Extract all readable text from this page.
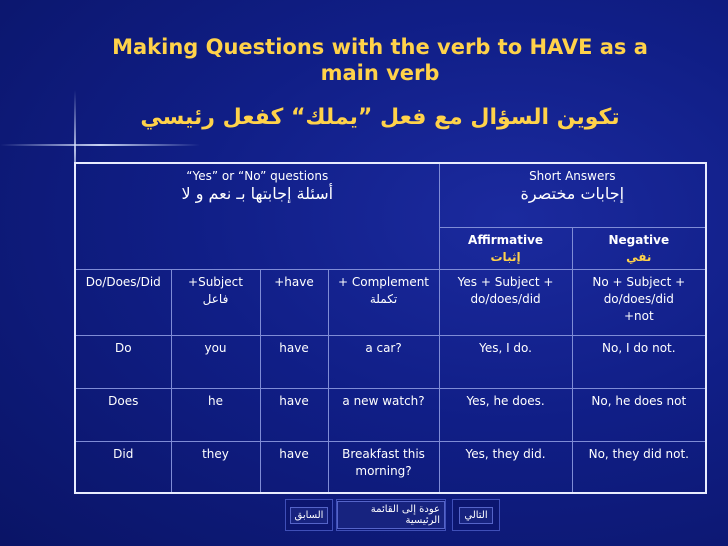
Making Questions with the verb to HAVE as a main verb
تكوين السؤال مع فعل ”يملك“ كفعل رئيسي
“Yes” or “No” questions
أسئلة إجابتها بـ نعم و لا				Short Answers
إجابات مختصرة	

				Affirmative
إثبات	Negative
نفي

Do/Does/Did	+Subject
فاعل	+have	+ Complement
تكملة	Yes + Subject + do/does/did	No + Subject + do/does/did
+not
Do	you	have	a car?	Yes, I do.	No, I do not.
Does	he	have	a new watch?	Yes, he does.	No, he does not
Did	they	have	Breakfast this morning?	Yes, they did.	No, they did not.
السابق	عودة إلى القائمة الرئيسية	التالي
